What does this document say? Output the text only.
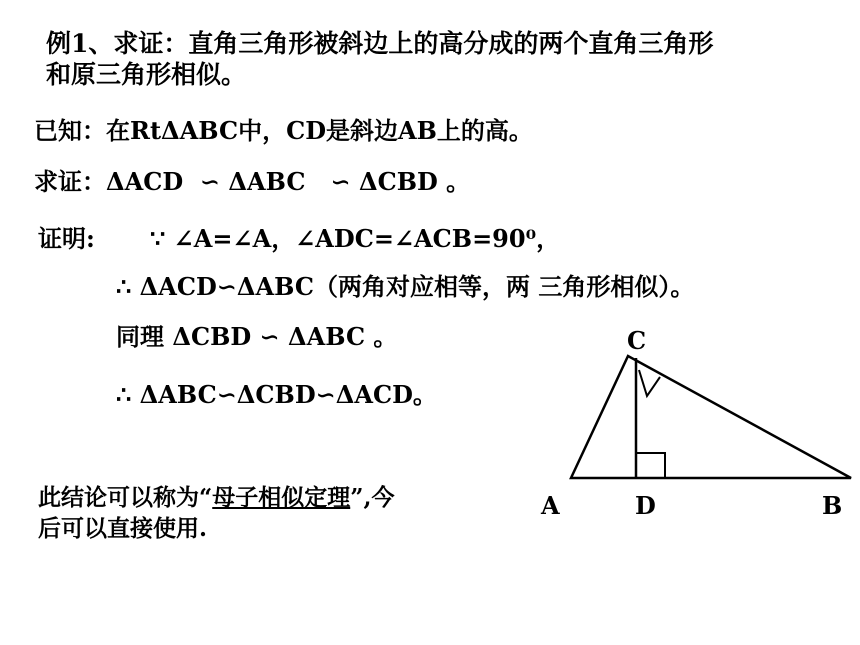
例1、求证：直角三角形被斜边上的高分成的两个直角三角形
和原三角形相似。
已知：在RtΔABC中，CD是斜边AB上的高。
求证：ΔACD ∽ ΔABC ∽ ΔCBD 。
证明: ∵ ∠A=∠A，∠ADC=∠ACB=90⁰，
∴ ΔACD∽ΔABC（两角对应相等，两 三角形相似）。
同理 ΔCBD ∽ ΔABC 。
∴ ΔABC∽ΔCBD∽ΔACD。
此结论可以称为“母子相似定理”,今
后可以直接使用.
C
A	D	B
